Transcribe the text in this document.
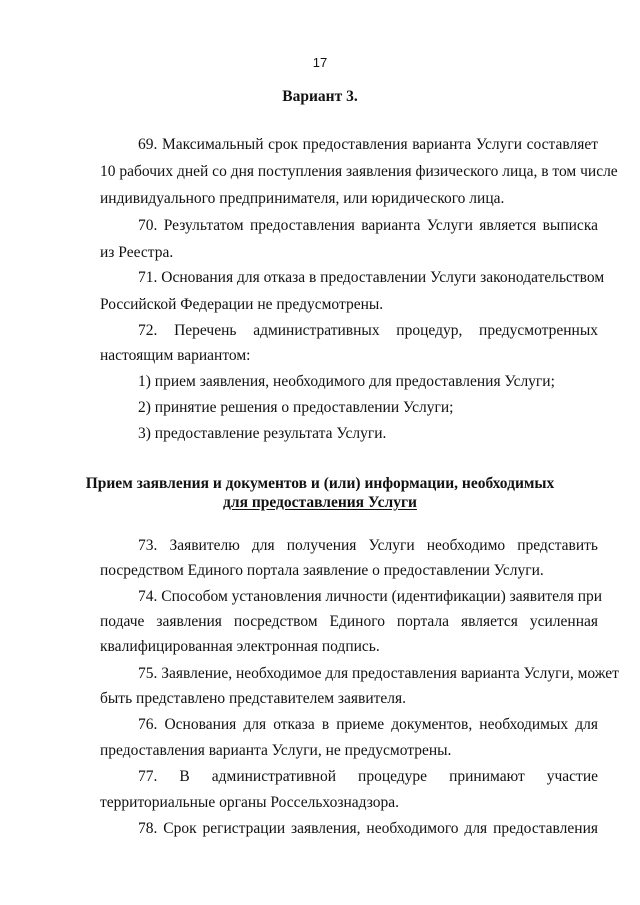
17
Вариант 3.
69. Максимальный срок предоставления варианта Услуги составляет
10 рабочих дней со дня поступления заявления физического лица, в том числе
индивидуального предпринимателя, или юридического лица.
70. Результатом предоставления варианта Услуги является выписка
из Реестра.
71. Основания для отказа в предоставлении Услуги законодательством
Российской Федерации не предусмотрены.
72. Перечень административных процедур, предусмотренных
настоящим вариантом:
1) прием заявления, необходимого для предоставления Услуги;
2) принятие решения о предоставлении Услуги;
3) предоставление результата Услуги.
Прием заявления и документов и (или) информации, необходимых
для предоставления Услуги
73. Заявителю для получения Услуги необходимо представить
посредством Единого портала заявление о предоставлении Услуги.
74. Способом установления личности (идентификации) заявителя при
подаче заявления посредством Единого портала является усиленная
квалифицированная электронная подпись.
75. Заявление, необходимое для предоставления варианта Услуги, может
быть представлено представителем заявителя.
76. Основания для отказа в приеме документов, необходимых для
предоставления варианта Услуги, не предусмотрены.
77. В административной процедуре принимают участие
территориальные органы Россельхознадзора.
78. Срок регистрации заявления, необходимого для предоставления
